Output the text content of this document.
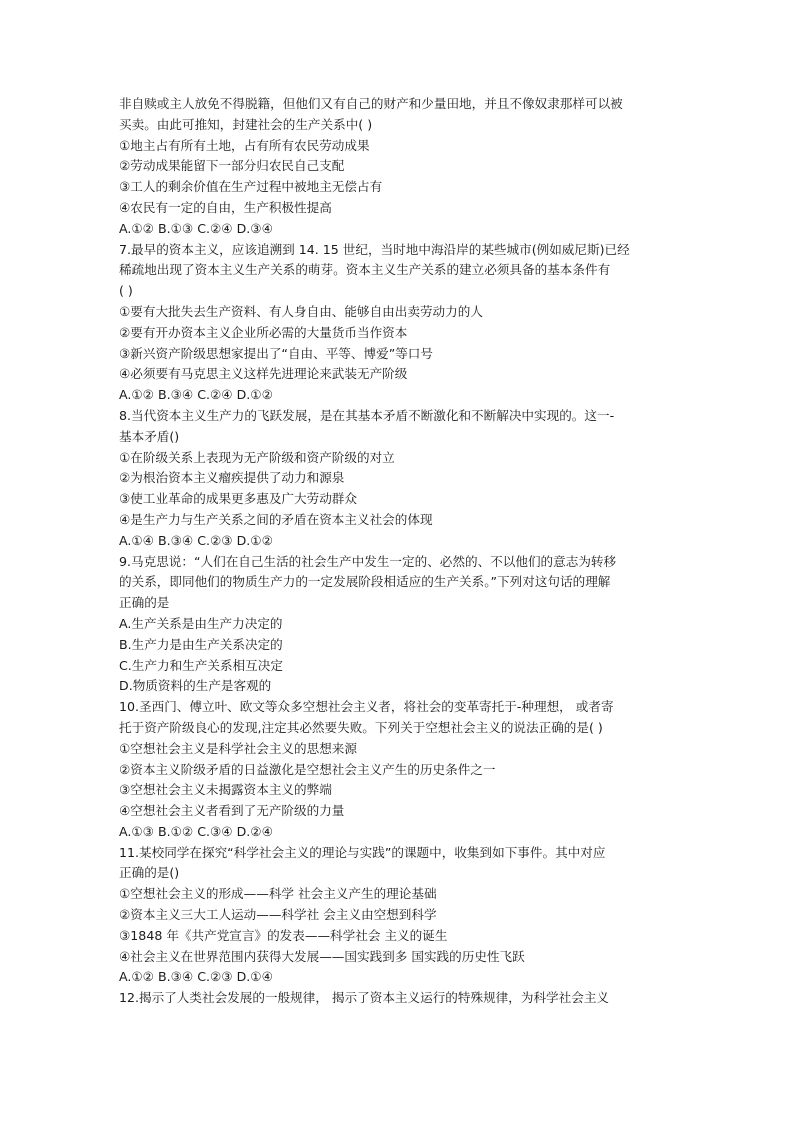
非自赎或主人放免不得脱籍，但他们又有自己的财产和少量田地，并且不像奴隶那样可以被
买卖。由此可推知，封建社会的生产关系中( )
①地主占有所有土地，占有所有农民劳动成果
②劳动成果能留下一部分归农民自己支配
③工人的剩余价值在生产过程中被地主无偿占有
④农民有一定的自由，生产积极性提高
A.①② B.①③ C.②④ D.③④
7.最早的资本主义，应该追溯到 14. 15 世纪，当时地中海沿岸的某些城市(例如威尼斯)已经
稀疏地出现了资本主义生产关系的萌芽。资本主义生产关系的建立必须具备的基本条件有
( )
①要有大批失去生产资料、有人身自由、能够自由出卖劳动力的人
②要有开办资本主义企业所必需的大量货币当作资本
③新兴资产阶级思想家提出了“自由、平等、博爱”等口号
④必须要有马克思主义这样先进理论来武装无产阶级
A.①② B.③④ C.②④ D.①②
8.当代资本主义生产力的飞跃发展，是在其基本矛盾不断激化和不断解决中实现的。这一-
基本矛盾()
①在阶级关系上表现为无产阶级和资产阶级的对立
②为根治资本主义瘤疾提供了动力和源泉
③使工业革命的成果更多惠及广大劳动群众
④是生产力与生产关系之间的矛盾在资本主义社会的体现
A.①④ B.③④ C.②③ D.①②
9.马克思说：“人们在自己生活的社会生产中发生一定的、必然的、不以他们的意志为转移
的关系，即同他们的物质生产力的一定发展阶段相适应的生产关系。”下列对这句话的理解
正确的是
A.生产关系是由生产力决定的
B.生产力是由生产关系决定的
C.生产力和生产关系相互决定
D.物质资料的生产是客观的
10.圣西门、傅立叶、欧文等众多空想社会主义者，将社会的变革寄托于-种理想， 或者寄
托于资产阶级良心的发现,注定其必然要失败。下列关于空想社会主义的说法正确的是( )
①空想社会主义是科学社会主义的思想来源
②资本主义阶级矛盾的日益激化是空想社会主义产生的历史条件之一
③空想社会主义未揭露资本主义的弊端
④空想社会主义者看到了无产阶级的力量
A.①③ B.①② C.③④ D.②④
11.某校同学在探究“科学社会主义的理论与实践”的课题中，收集到如下事件。其中对应
正确的是()
①空想社会主义的形成——科学 社会主义产生的理论基础
②资本主义三大工人运动——科学社 会主义由空想到科学
③1848 年《共产党宣言》的发表——科学社会 主义的诞生
④社会主义在世界范围内获得大发展——国实践到多 国实践的历史性飞跃
A.①② B.③④ C.②③ D.①④
12.揭示了人类社会发展的一般规律， 揭示了资本主义运行的特殊规律，为科学社会主义
